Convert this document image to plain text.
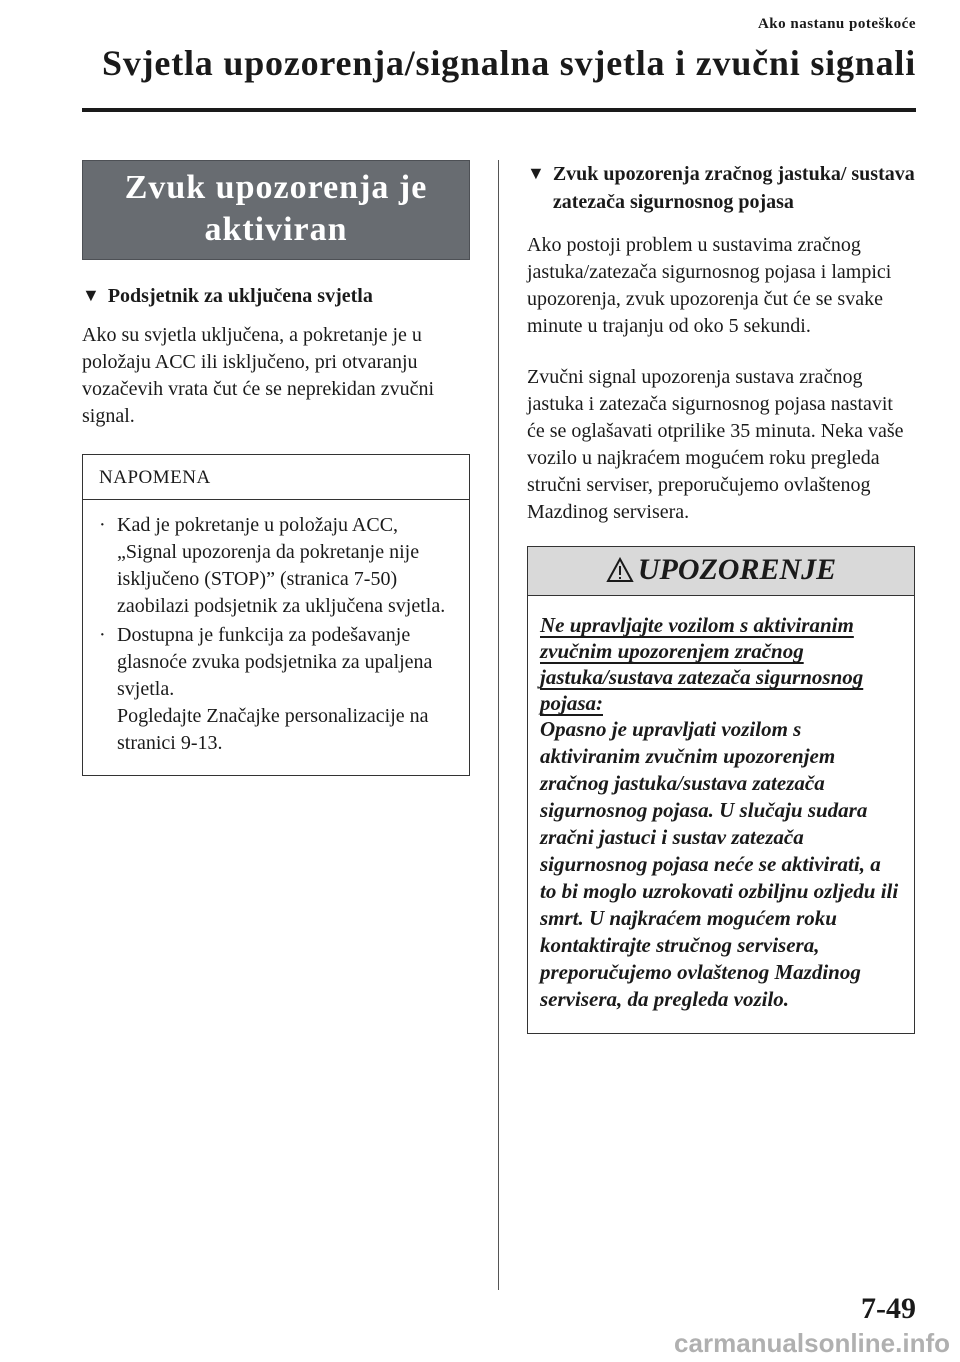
Ako nastanu poteškoće
Svjetla upozorenja/signalna svjetla i zvučni signali
Zvuk upozorenja je
aktiviran
▼ Podsjetnik za uključena svjetla
Ako su svjetla uključena, a pokretanje je u položaju ACC ili isključeno, pri otvaranju vozačevih vrata čut će se neprekidan zvučni signal.
NAPOMENA
· Kad je pokretanje u položaju ACC, „Signal upozorenja da pokretanje nije isključeno (STOP)” (stranica 7-50) zaobilazi podsjetnik za uključena svjetla.
· Dostupna je funkcija za podešavanje glasnoće zvuka podsjetnika za upaljena svjetla.
Pogledajte Značajke personalizacije na stranici 9-13.
▼ Zvuk upozorenja zračnog jastuka/ sustava zatezača sigurnosnog pojasa
Ako postoji problem u sustavima zračnog jastuka/zatezača sigurnosnog pojasa i lampici upozorenja, zvuk upozorenja čut će se svake minute u trajanju od oko 5 sekundi.
Zvučni signal upozorenja sustava zračnog jastuka i zatezača sigurnosnog pojasa nastavit će se oglašavati otprilike 35 minuta. Neka vaše vozilo u najkraćem mogućem roku pregleda stručni serviser, preporučujemo ovlaštenog Mazdinog servisera.
UPOZORENJE
Ne upravljajte vozilom s aktiviranim zvučnim upozorenjem zračnog jastuka/sustava zatezača sigurnosnog pojasa:
Opasno je upravljati vozilom s aktiviranim zvučnim upozorenjem zračnog jastuka/sustava zatezača sigurnosnog pojasa. U slučaju sudara zračni jastuci i sustav zatezača sigurnosnog pojasa neće se aktivirati, a to bi moglo uzrokovati ozbiljnu ozljedu ili smrt. U najkraćem mogućem roku kontaktirajte stručnog servisera, preporučujemo ovlaštenog Mazdinog servisera, da pregleda vozilo.
7-49
carmanualsonline.info
